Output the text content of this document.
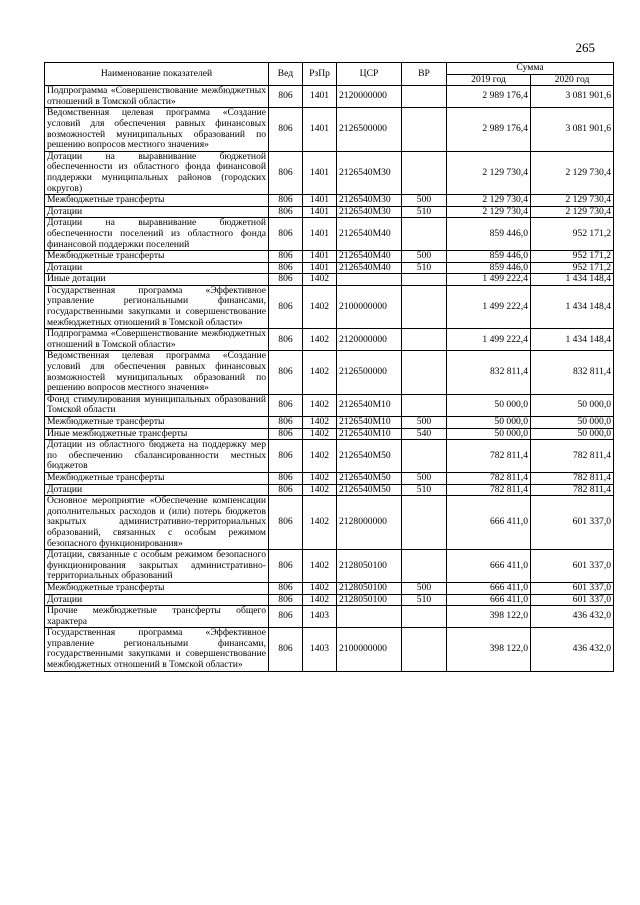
265
Наименование показателей	Вед	РзПр	ЦСР	ВР	Сумма	
					2019 год	2020 год
Подпрограмма «Совершенствование межбюджетных отношений в Томской области»	806	1401	2120000000		2 989 176,4	3 081 901,6
Ведомственная целевая программа «Создание условий для обеспечения равных финансовых возможностей муниципальных образований по решению вопросов местного значения»	806	1401	2126500000		2 989 176,4	3 081 901,6
Дотации на выравнивание бюджетной обеспеченности из областного фонда финансовой поддержки муниципальных районов (городских округов)	806	1401	2126540М30		2 129 730,4	2 129 730,4
Межбюджетные трансферты	806	1401	2126540М30	500	2 129 730,4	2 129 730,4
Дотации	806	1401	2126540М30	510	2 129 730,4	2 129 730,4
Дотации на выравнивание бюджетной обеспеченности поселений из областного фонда финансовой поддержки поселений	806	1401	2126540М40		859 446,0	952 171,2
Межбюджетные трансферты	806	1401	2126540М40	500	859 446,0	952 171,2
Дотации	806	1401	2126540М40	510	859 446,0	952 171,2
Иные дотации	806	1402			1 499 222,4	1 434 148,4
Государственная программа «Эффективное управление региональными финансами, государственными закупками и совершенствование межбюджетных отношений в Томской области»	806	1402	2100000000		1 499 222,4	1 434 148,4
Подпрограмма «Совершенствование межбюджетных отношений в Томской области»	806	1402	2120000000		1 499 222,4	1 434 148,4
Ведомственная целевая программа «Создание условий для обеспечения равных финансовых возможностей муниципальных образований по решению вопросов местного значения»	806	1402	2126500000		832 811,4	832 811,4
Фонд стимулирования муниципальных образований Томской области	806	1402	2126540М10		50 000,0	50 000,0
Межбюджетные трансферты	806	1402	2126540М10	500	50 000,0	50 000,0
Иные межбюджетные трансферты	806	1402	2126540М10	540	50 000,0	50 000,0
Дотации из областного бюджета на поддержку мер по обеспечению сбалансированности местных бюджетов	806	1402	2126540М50		782 811,4	782 811,4
Межбюджетные трансферты	806	1402	2126540М50	500	782 811,4	782 811,4
Дотации	806	1402	2126540М50	510	782 811,4	782 811,4
Основное мероприятие «Обеспечение компенсации дополнительных расходов и (или) потерь бюджетов закрытых административно-территориальных образований, связанных с особым режимом безопасного функционирования»	806	1402	2128000000		666 411,0	601 337,0
Дотации, связанные с особым режимом безопасного функционирования закрытых административно-территориальных образований	806	1402	2128050100		666 411,0	601 337,0
Межбюджетные трансферты	806	1402	2128050100	500	666 411,0	601 337,0
Дотации	806	1402	2128050100	510	666 411,0	601 337,0
Прочие межбюджетные трансферты общего характера	806	1403			398 122,0	436 432,0
Государственная программа «Эффективное управление региональными финансами, государственными закупками и совершенствование межбюджетных отношений в Томской области»	806	1403	2100000000		398 122,0	436 432,0
